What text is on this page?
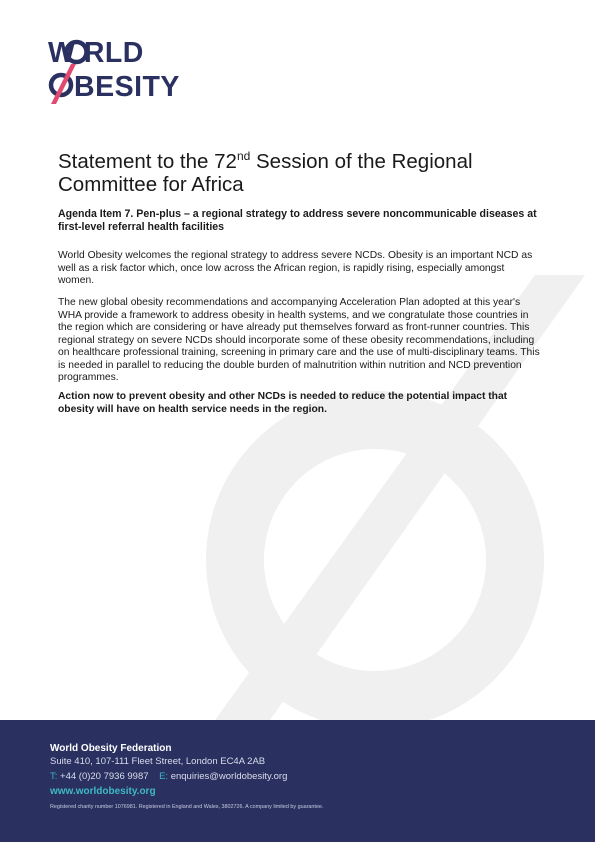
W RLD
BESITY
Statement to the 72nd Session of the Regional Committee for Africa

Agenda Item 7. Pen-plus – a regional strategy to address severe noncommunicable diseases at first-level referral health facilities

World Obesity welcomes the regional strategy to address severe NCDs. Obesity is an important NCD as well as a risk factor which, once low across the African region, is rapidly rising, especially amongst women.

The new global obesity recommendations and accompanying Acceleration Plan adopted at this year's WHA provide a framework to address obesity in health systems, and we congratulate those countries in the region which are considering or have already put themselves forward as front-runner countries. This regional strategy on severe NCDs should incorporate some of these obesity recommendations, including on healthcare professional training, screening in primary care and the use of multi-disciplinary teams. This is needed in parallel to reducing the double burden of malnutrition within nutrition and NCD prevention programmes.

Action now to prevent obesity and other NCDs is needed to reduce the potential impact that obesity will have on health service needs in the region.

World Obesity Federation
Suite 410, 107-111 Fleet Street, London EC4A 2AB
T: +44 (0)20 7936 9987 E: enquiries@worldobesity.org
www.worldobesity.org
Registered charity number 1076981. Registered in England and Wales, 3802726. A company limited by guarantee.
